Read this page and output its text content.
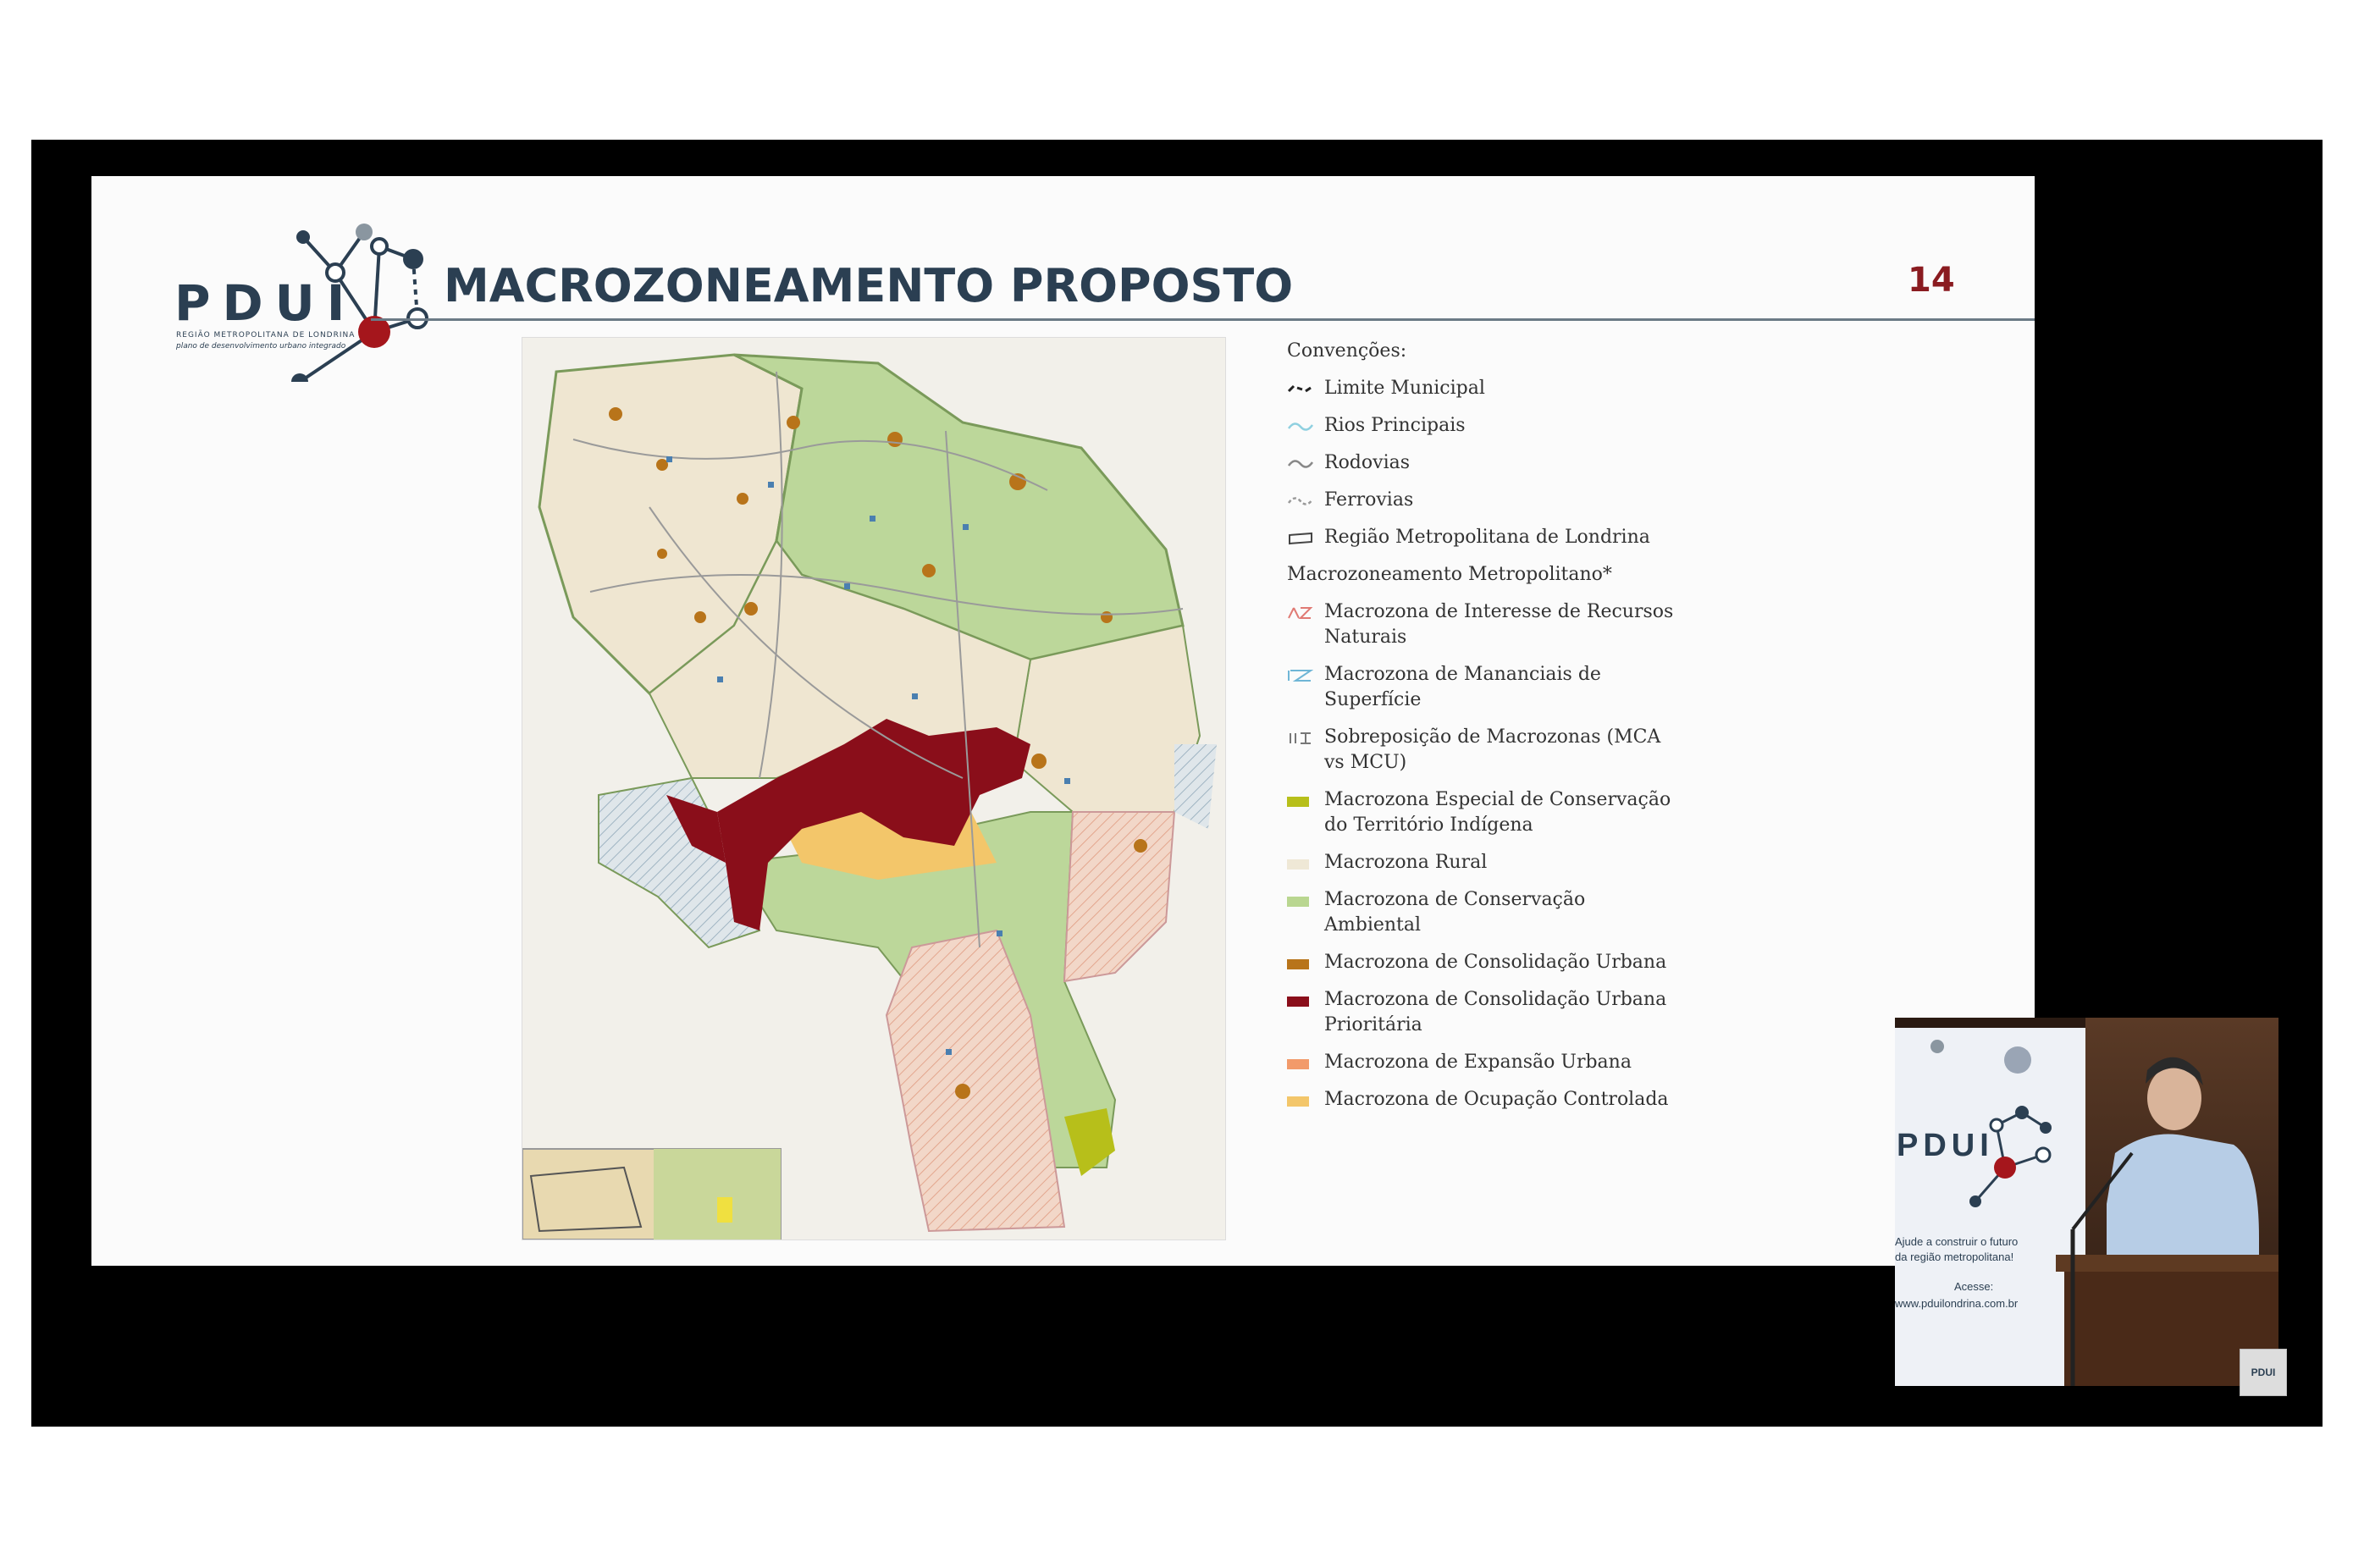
PDUI
REGIÃO METROPOLITANA DE LONDRINA
plano de desenvolvimento urbano integrado
MACROZONEAMENTO PROPOSTO	14
Convenções:
Limite Municipal
Rios Principais
Rodovias
Ferrovias
Região Metropolitana de Londrina
Macrozoneamento Metropolitano*
Macrozona de Interesse de Recursos Naturais
Macrozona de Mananciais de Superfície
Sobreposição de Macrozonas (MCA vs MCU)
Macrozona Especial de Conservação do Território Indígena
Macrozona Rural
Macrozona de Conservação Ambiental
Macrozona de Consolidação Urbana
Macrozona de Consolidação Urbana Prioritária
Macrozona de Expansão Urbana
Macrozona de Ocupação Controlada
PDUI
Ajude a construir o futuro
da região metropolitana!
Acesse:
www.pduilondrina.com.br
PDUI
